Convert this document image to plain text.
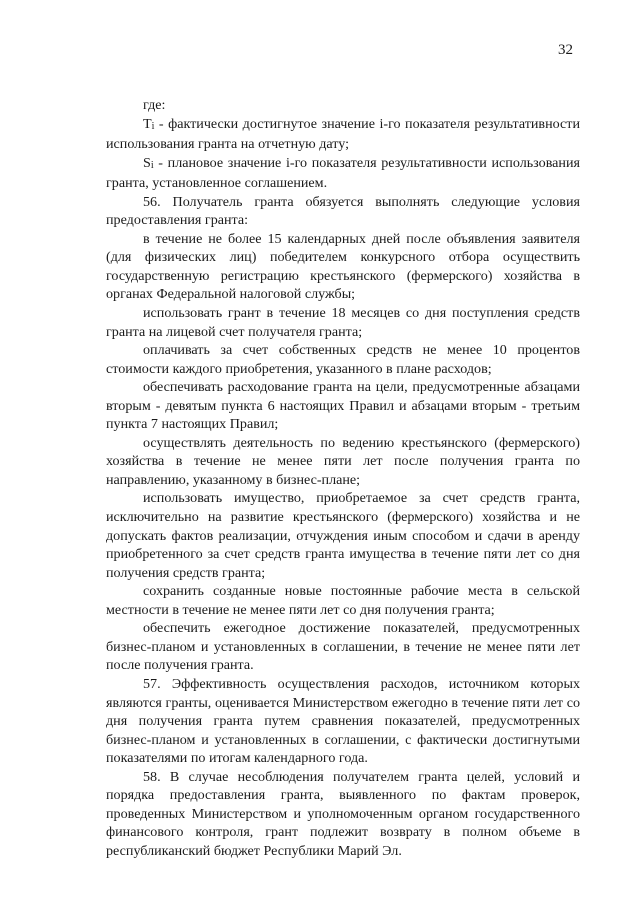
32

где:

Ti - фактически достигнутое значение i-го показателя результативности использования гранта на отчетную дату;

Si - плановое значение i-го показателя результативности использования гранта, установленное соглашением.

56. Получатель гранта обязуется выполнять следующие условия предоставления гранта:

в течение не более 15 календарных дней после объявления заявителя (для физических лиц) победителем конкурсного отбора осуществить государственную регистрацию крестьянского (фермерского) хозяйства в органах Федеральной налоговой службы;

использовать грант в течение 18 месяцев со дня поступления средств гранта на лицевой счет получателя гранта;

оплачивать за счет собственных средств не менее 10 процентов стоимости каждого приобретения, указанного в плане расходов;

обеспечивать расходование гранта на цели, предусмотренные абзацами вторым - девятым пункта 6 настоящих Правил и абзацами вторым - третьим пункта 7 настоящих Правил;

осуществлять деятельность по ведению крестьянского (фермерского) хозяйства в течение не менее пяти лет после получения гранта по направлению, указанному в бизнес-плане;

использовать имущество, приобретаемое за счет средств гранта, исключительно на развитие крестьянского (фермерского) хозяйства и не допускать фактов реализации, отчуждения иным способом и сдачи в аренду приобретенного за счет средств гранта имущества в течение пяти лет со дня получения средств гранта;

сохранить созданные новые постоянные рабочие места в сельской местности в течение не менее пяти лет со дня получения гранта;

обеспечить ежегодное достижение показателей, предусмотренных бизнес-планом и установленных в соглашении, в течение не менее пяти лет после получения гранта.

57. Эффективность осуществления расходов, источником которых являются гранты, оценивается Министерством ежегодно в течение пяти лет со дня получения гранта путем сравнения показателей, предусмотренных бизнес-планом и установленных в соглашении, с фактически достигнутыми показателями по итогам календарного года.

58. В случае несоблюдения получателем гранта целей, условий и порядка предоставления гранта, выявленного по фактам проверок, проведенных Министерством и уполномоченным органом государственного финансового контроля, грант подлежит возврату в полном объеме в республиканский бюджет Республики Марий Эл.
